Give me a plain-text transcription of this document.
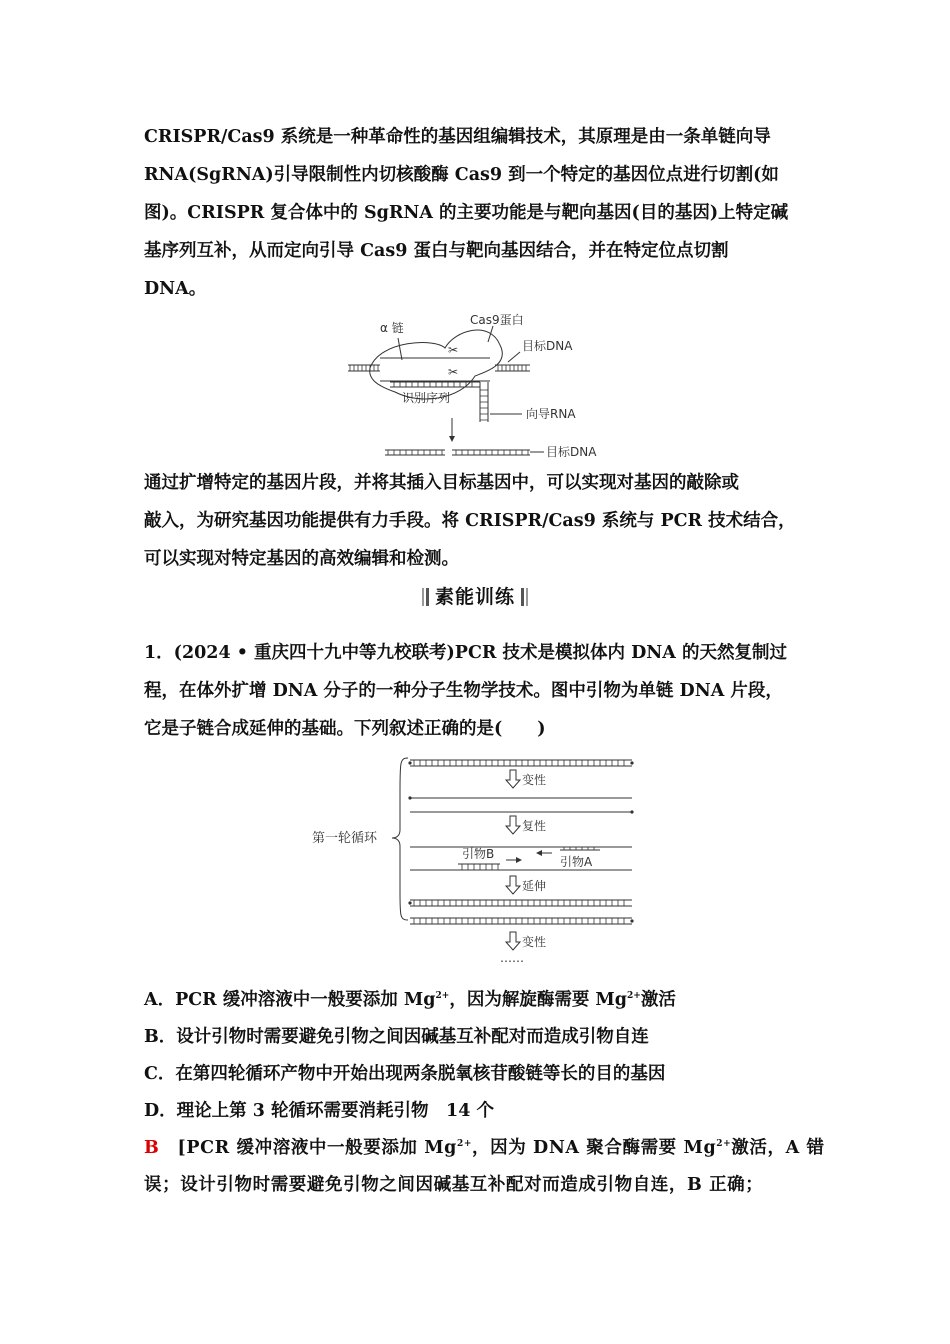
CRISPR/Cas9 系统是一种革命性的基因组编辑技术，其原理是由一条单链向导
RNA(SgRNA)引导限制性内切核酸酶 Cas9 到一个特定的基因位点进行切割(如
图)。CRISPR 复合体中的 SgRNA 的主要功能是与靶向基因(目的基因)上特定碱
基序列互补，从而定向引导 Cas9 蛋白与靶向基因结合，并在特定位点切割
DNA。
✂
✂
α 链
Cas9蛋白
目标DNA
识别序列
向导RNA
目标DNA
通过扩增特定的基因片段，并将其插入目标基因中，可以实现对基因的敲除或
敲入，为研究基因功能提供有力手段。将 CRISPR/Cas9 系统与 PCR 技术结合，
可以实现对特定基因的高效编辑和检测。
素能训练
1．(2024 • 重庆四十九中等九校联考)PCR 技术是模拟体内 DNA 的天然复制过
程，在体外扩增 DNA 分子的一种分子生物学技术。图中引物为单链 DNA 片段，
它是子链合成延伸的基础。下列叙述正确的是(　　)
第一轮循环
变性
复性
引物B
引物A
延伸
变性
……
A．PCR 缓冲溶液中一般要添加 $Mg^{2+}$，因为解旋酶需要 $Mg^{2+}$激活
B．设计引物时需要避免引物之间因碱基互补配对而造成引物自连
C．在第四轮循环产物中开始出现两条脱氧核苷酸链等长的目的基因
D．理论上第 3 轮循环需要消耗引物　14 个
B　 [PCR 缓冲溶液中一般要添加 $Mg^{2+}$，因为 DNA 聚合酶需要 $Mg^{2+}$激活，A 错
误；设计引物时需要避免引物之间因碱基互补配对而造成引物自连，B 正确；
